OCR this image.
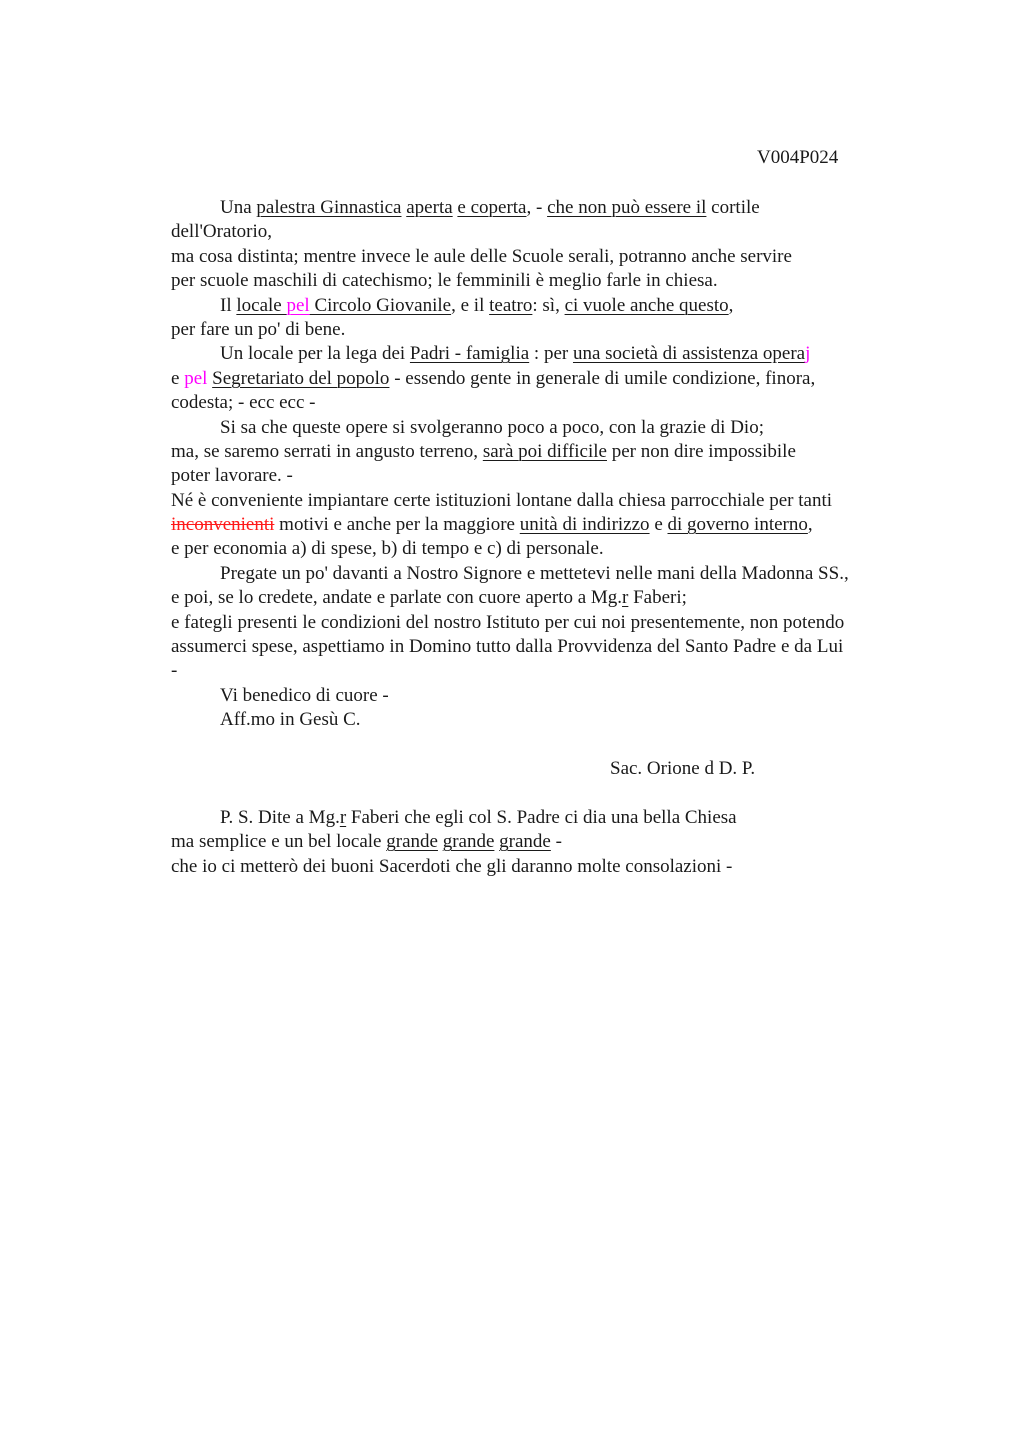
V004P024
Una palestra Ginnastica aperta e coperta, - che non può essere il cortile
dell'Oratorio,
ma cosa distinta; mentre invece le aule delle Scuole serali, potranno anche servire
per scuole maschili di catechismo; le femminili è meglio farle in chiesa.
Il locale pel Circolo Giovanile, e il teatro: sì, ci vuole anche questo,
per fare un po' di bene.
Un locale per la lega dei Padri - famiglia : per una società di assistenza operaj
e pel Segretariato del popolo - essendo gente in generale di umile condizione, finora,
codesta; - ecc ecc -
Si sa che queste opere si svolgeranno poco a poco, con la grazie di Dio;
ma, se saremo serrati in angusto terreno, sarà poi difficile per non dire impossibile
poter lavorare. -
Né è conveniente impiantare certe istituzioni lontane dalla chiesa parrocchiale per tanti
inconvenienti motivi e anche per la maggiore unità di indirizzo e di governo interno,
e per economia a) di spese, b) di tempo e c) di personale.
Pregate un po' davanti a Nostro Signore e mettetevi nelle mani della Madonna SS.,
e poi, se lo credete, andate e parlate con cuore aperto a Mg.r Faberi;
e fategli presenti le condizioni del nostro Istituto per cui noi presentemente, non potendo
assumerci spese, aspettiamo in Domino tutto dalla Provvidenza del Santo Padre e da Lui
-
Vi benedico di cuore -
Aff.mo in Gesù C.
Sac. Orione d D. P.
P. S. Dite a Mg.r Faberi che egli col S. Padre ci dia una bella Chiesa
ma semplice e un bel locale grande grande grande -
che io ci metterò dei buoni Sacerdoti che gli daranno molte consolazioni -
